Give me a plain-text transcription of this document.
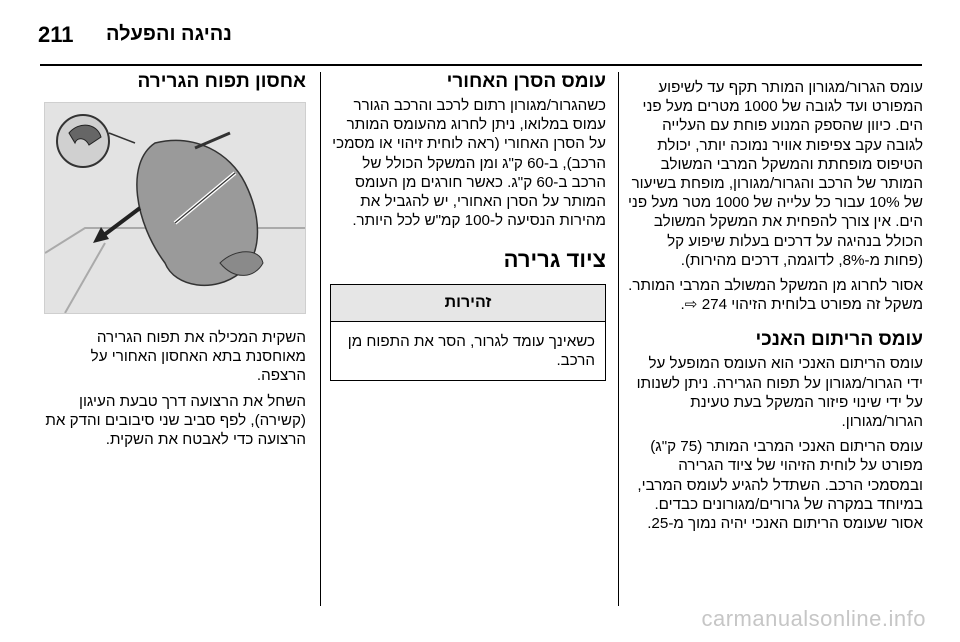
211 נהיגה והפעלה

עומס הגרור/מגורון המותר תקף עד לשיפוע המפורט ועד לגובה של 1000 מטרים מעל פני הים. כיוון שהספק המנוע פוחת עם העלייה לגובה עקב צפיפות אוויר נמוכה יותר, יכולת הטיפוס מופחתת והמשקל המרבי המשולב המותר של הרכב והגרור/מגורון, מופחת בשיעור של 10% עבור כל עלייה של 1000 מטר מעל פני הים. אין צורך להפחית את המשקל המשולב הכולל בנהיגה על דרכים בעלות שיפוע קל (פחות מ-8%, לדוגמה, דרכים מהירות).

אסור לחרוג מן המשקל המשולב המרבי המותר. משקל זה מפורט בלוחית הזיהוי 274 ⇨.

עומס הריתום האנכי

עומס הריתום האנכי הוא העומס המופעל על ידי הגרור/מגורון על תפוח הגרירה. ניתן לשנותו על ידי שינוי פיזור המשקל בעת טעינת הגרור/מגורון.

עומס הריתום האנכי המרבי המותר (75 ק"ג) מפורט על לוחית הזיהוי של ציוד הגרירה ובמסמכי הרכב. השתדל להגיע לעומס המרבי, במיוחד במקרה של גרורים/מגורונים כבדים. אסור שעומס הריתום האנכי יהיה נמוך מ-25.

עומס הסרן האחורי

כשהגרור/מגורון רתום לרכב והרכב הגורר עמוס במלואו, ניתן לחרוג מהעומס המותר על הסרן האחורי (ראה לוחית זיהוי או מסמכי הרכב), ב-60 ק"ג ומן המשקל הכולל של הרכב ב-60 ק"ג. כאשר חורגים מן העומס המותר על הסרן האחורי, יש להגביל את מהירות הנסיעה ל-100 קמ"ש לכל היותר.

ציוד גרירה
זהירות
כשאינך עומד לגרור, הסר את התפוח מן הרכב.
אחסון תפוח הגרירה

השקית המכילה את תפוח הגרירה מאוחסנת בתא האחסון האחורי על הרצפה.

השחל את הרצועה דרך טבעת העיגון (קשירה), לפף סביב שני סיבובים והדק את הרצועה כדי לאבטח את השקית.

carmanualsonline.info
